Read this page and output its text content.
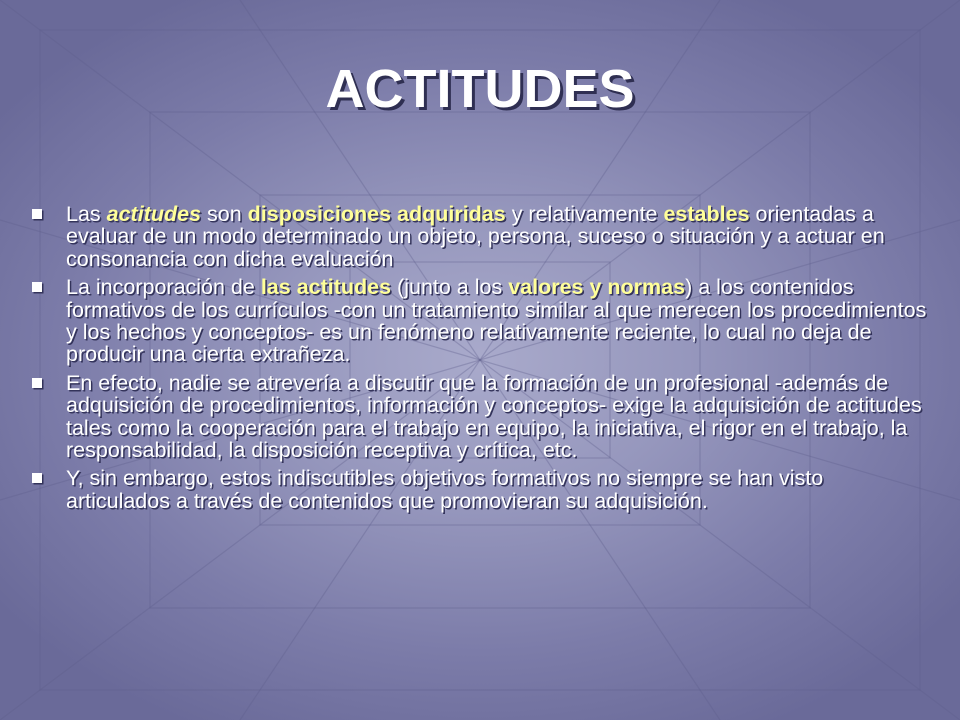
ACTITUDES
Las actitudes son disposiciones adquiridas y relativamente estables orientadas a evaluar de un modo determinado un objeto, persona, suceso o situación y a actuar en consonancia con dicha evaluación
La incorporación de las actitudes (junto a los valores y normas) a los contenidos formativos de los currículos -con un tratamiento similar al que merecen los procedimientos y los hechos y conceptos- es un fenómeno relativamente reciente, lo cual no deja de producir una cierta extrañeza.
En efecto, nadie se atrevería a discutir que la formación de un profesional -además de adquisición de procedimientos, información y conceptos- exige la adquisición de actitudes tales como la cooperación para el trabajo en equipo, la iniciativa, el rigor en el trabajo, la responsabilidad, la disposición receptiva y crítica, etc.
Y, sin embargo, estos indiscutibles objetivos formativos no siempre se han visto articulados a través de contenidos que promovieran su adquisición.
